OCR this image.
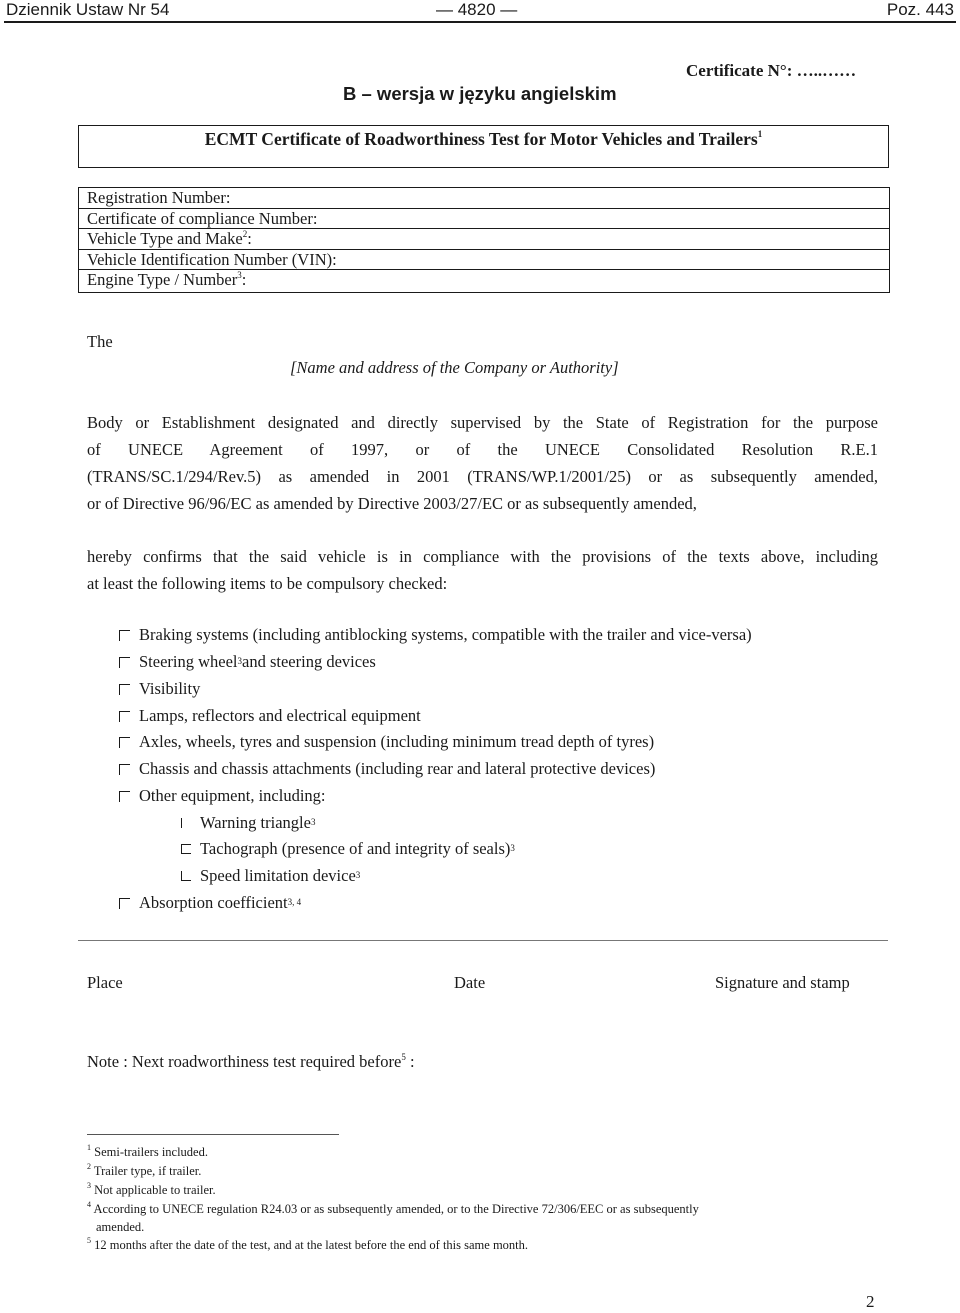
Dziennik Ustaw Nr 54	— 4820 —	Poz. 443
B – wersja w języku angielskim
Certificate N°: …..……
ECMT Certificate of Roadworthiness Test for Motor Vehicles and Trailers$^1$
Registration Number:
Certificate of compliance Number:
Vehicle Type and Make$^2$:
Vehicle Identification Number (VIN):
Engine Type / Number$^3$:
The
[Name and address of the Company or Authority]
Body or Establishment designated and directly supervised by the State of Registration for the purpose
of UNECE Agreement of 1997, or of the UNECE Consolidated Resolution R.E.1
(TRANS/SC.1/294/Rev.5) as amended in 2001 (TRANS/WP.1/2001/25) or as subsequently amended,
or of Directive 96/96/EC as amended by Directive 2003/27/EC or as subsequently amended,
hereby confirms that the said vehicle is in compliance with the provisions of the texts above, including
at least the following items to be compulsory checked:
Braking systems (including antiblocking systems, compatible with the trailer and vice-versa)
Steering wheel$^3$ and steering devices
Visibility
Lamps, reflectors and electrical equipment
Axles, wheels, tyres and suspension (including minimum tread depth of tyres)
Chassis and chassis attachments (including rear and lateral protective devices)
Other equipment, including:
Warning triangle$^3$
Tachograph (presence of and integrity of seals)$^3$
Speed limitation device$^3$
Absorption coefficient$^{3, 4}$
Place	Date	Signature and stamp
Note : Next roadworthiness test required before$^5$ :
$^1$ Semi-trailers included.
$^2$ Trailer type, if trailer.
$^3$ Not applicable to trailer.
$^4$ According to UNECE regulation R24.03 or as subsequently amended, or to the Directive 72/306/EEC or as subsequently
amended.
$^5$ 12 months after the date of the test, and at the latest before the end of this same month.
2
